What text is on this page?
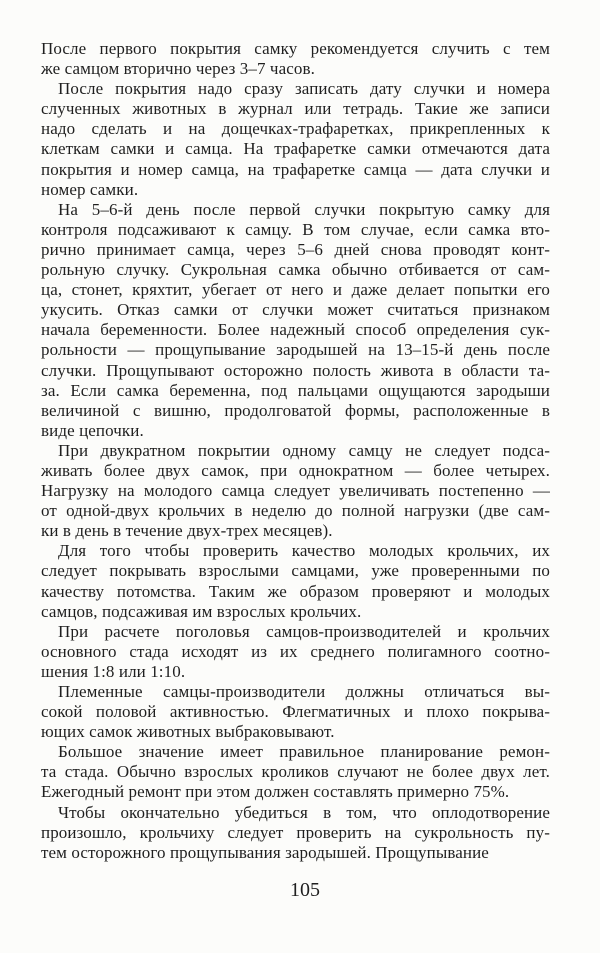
После первого покрытия самку рекомендуется случить с тем
же самцом вторично через 3–7 часов.
После покрытия надо сразу записать дату случки и номера
слученных животных в журнал или тетрадь. Такие же записи
надо сделать и на дощечках-трафаретках, прикрепленных к
клеткам самки и самца. На трафаретке самки отмечаются дата
покрытия и номер самца, на трафаретке самца — дата случки и
номер самки.
На 5–6-й день после первой случки покрытую самку для
контроля подсаживают к самцу. В том случае, если самка вто-
рично принимает самца, через 5–6 дней снова проводят конт-
рольную случку. Сукрольная самка обычно отбивается от сам-
ца, стонет, кряхтит, убегает от него и даже делает попытки его
укусить. Отказ самки от случки может считаться признаком
начала беременности. Более надежный способ определения сук-
рольности — прощупывание зародышей на 13–15-й день после
случки. Прощупывают осторожно полость живота в области та-
за. Если самка беременна, под пальцами ощущаются зародыши
величиной с вишню, продолговатой формы, расположенные в
виде цепочки.
При двукратном покрытии одному самцу не следует подса-
живать более двух самок, при однократном — более четырех.
Нагрузку на молодого самца следует увеличивать постепенно —
от одной-двух крольчих в неделю до полной нагрузки (две сам-
ки в день в течение двух-трех месяцев).
Для того чтобы проверить качество молодых крольчих, их
следует покрывать взрослыми самцами, уже проверенными по
качеству потомства. Таким же образом проверяют и молодых
самцов, подсаживая им взрослых крольчих.
При расчете поголовья самцов-производителей и крольчих
основного стада исходят из их среднего полигамного соотно-
шения 1:8 или 1:10.
Племенные самцы-производители должны отличаться вы-
сокой половой активностью. Флегматичных и плохо покрыва-
ющих самок животных выбраковывают.
Большое значение имеет правильное планирование ремон-
та стада. Обычно взрослых кроликов случают не более двух лет.
Ежегодный ремонт при этом должен составлять примерно 75%.
Чтобы окончательно убедиться в том, что оплодотворение
произошло, крольчиху следует проверить на сукрольность пу-
тем осторожного прощупывания зародышей. Прощупывание
105
